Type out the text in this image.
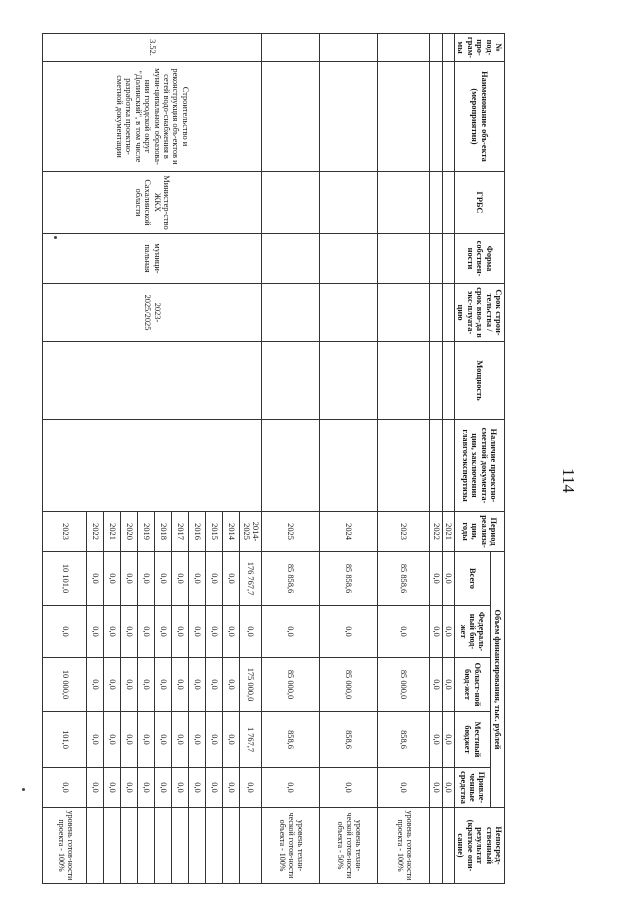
114
№ под-про-грам-мы	Наименование объ-екта (мероприятия)	ГРБС	Форма собствен-ности	Срок строи-тельства / срок вво-да в экс-плуата-цию	Мощность	Наличие проектно-сметной документа-ции, заключения главгосэкспертизы	Период реализа-ции, годы	Объем финансирования, тыс. рублей					Непосред-ственный результат (краткое опи-сание)
								Всего	Федераль-ный бюд-жет	Област-ной бюд-жет	Местный бюджет	Привле-ченные средства	
							2021	0,0	0,0	0,0	0,0	0,0	
							2022	0,0	0,0	0,0	0,0	0,0	
							2023	85 858,6	0,0	85 000,0	858,6	0,0	уровень готов-ности проекта - 100%
							2024	85 858,6	0,0	85 000,0	858,6	0,0	уровень техни-ческой готов-ности объекта - 50%
							2025	85 858,6	0,0	85 000,0	858,6	0,0	уровень техни-ческой готов-ности объекта - 100%
3.52.	Строительство и реконструкция объ-ектов и сетей водо-снабжения в муни-ципальном образова-нии городской округ "Долинский", в том числе разработка проектно-сметной документации	Министер-ство ЖКХ Сахалинской области	муници-пальная	2023-2025/2025			2014-2025	176 767,7	0,0	175 000,0	1 767,7	0,0	
							2014	0,0	0,0	0,0	0,0	0,0	
							2015	0,0	0,0	0,0	0,0	0,0	
							2016	0,0	0,0	0,0	0,0	0,0	
							2017	0,0	0,0	0,0	0,0	0,0	
							2018	0,0	0,0	0,0	0,0	0,0	
							2019	0,0	0,0	0,0	0,0	0,0	
							2020	0,0	0,0	0,0	0,0	0,0	
							2021	0,0	0,0	0,0	0,0	0,0	
							2022	0,0	0,0	0,0	0,0	0,0	
							2023	10 101,0	0,0	10 000,0	101,0	0,0	уровень готов-ности проекта - 100%
